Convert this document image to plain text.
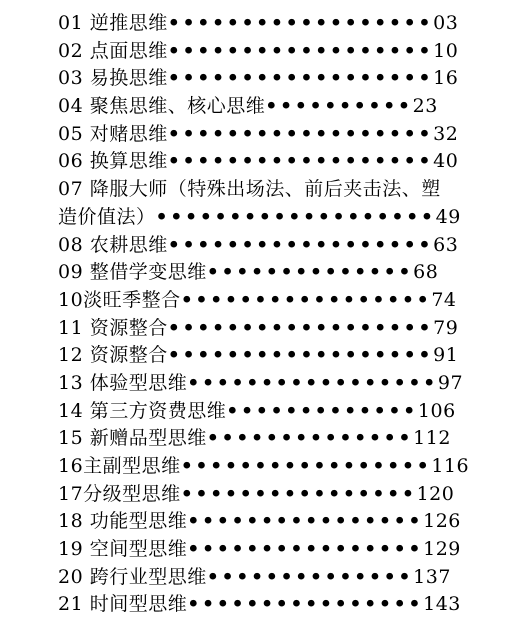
01 逆推思维••••••••••••••••••03
02 点面思维••••••••••••••••••10
03 易换思维••••••••••••••••••16
04 聚焦思维、核心思维••••••••••23
05 对赌思维••••••••••••••••••32
06 换算思维••••••••••••••••••40
07 降服大师（特殊出场法、前后夹击法、塑
造价值法）•••••••••••••••••••49
08 农耕思维••••••••••••••••••63
09 整借学变思维••••••••••••••68
10淡旺季整合•••••••••••••••••74
11 资源整合••••••••••••••••••79
12 资源整合••••••••••••••••••91
13 体验型思维•••••••••••••••••97
14 第三方资费思维•••••••••••••106
15 新赠品型思维••••••••••••••112
16主副型思维•••••••••••••••••116
17分级型思维••••••••••••••••120
18 功能型思维••••••••••••••••126
19 空间型思维••••••••••••••••129
20 跨行业型思维••••••••••••••137
21 时间型思维••••••••••••••••143
